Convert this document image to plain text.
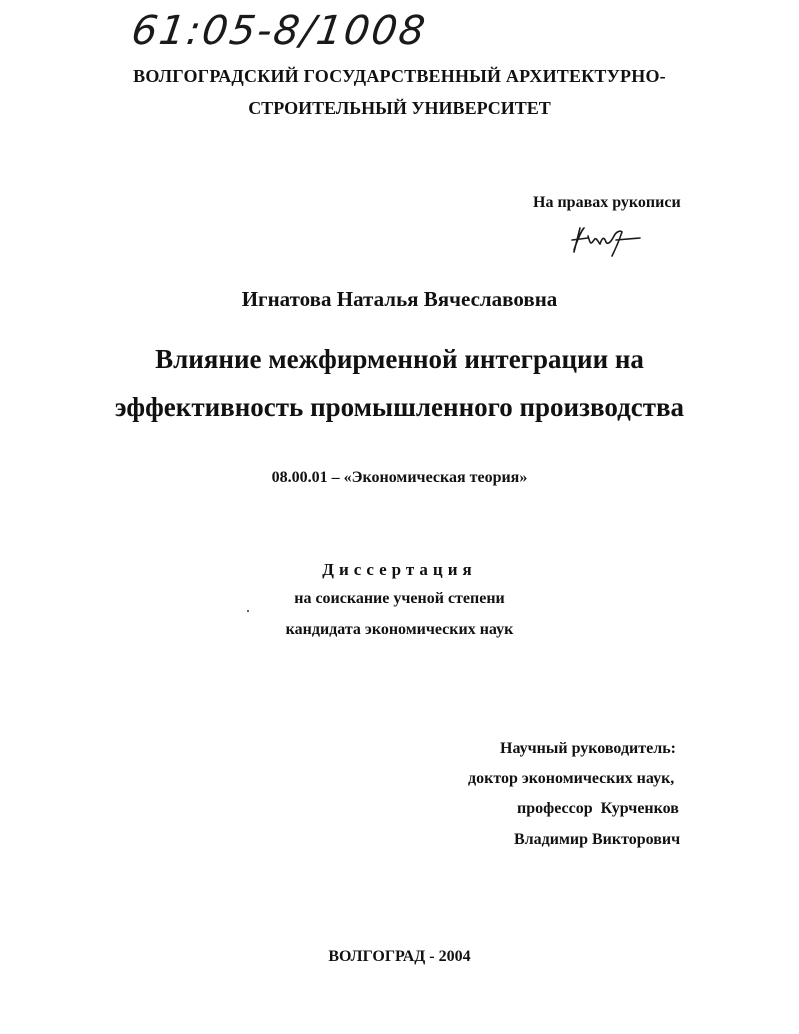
61:05-8/1008
ВОЛГОГРАДСКИЙ ГОСУДАРСТВЕННЫЙ АРХИТЕКТУРНО-
СТРОИТЕЛЬНЫЙ УНИВЕРСИТЕТ
На правах рукописи
Игнатова Наталья Вячеславовна
Влияние межфирменной интеграции на
эффективность промышленного производства
08.00.01 – «Экономическая теория»
Диссертация
на соискание ученой степени
кандидата экономических наук
Научный руководитель:
доктор экономических наук,
профессор  Курченков
Владимир Викторович
ВОЛГОГРАД - 2004
